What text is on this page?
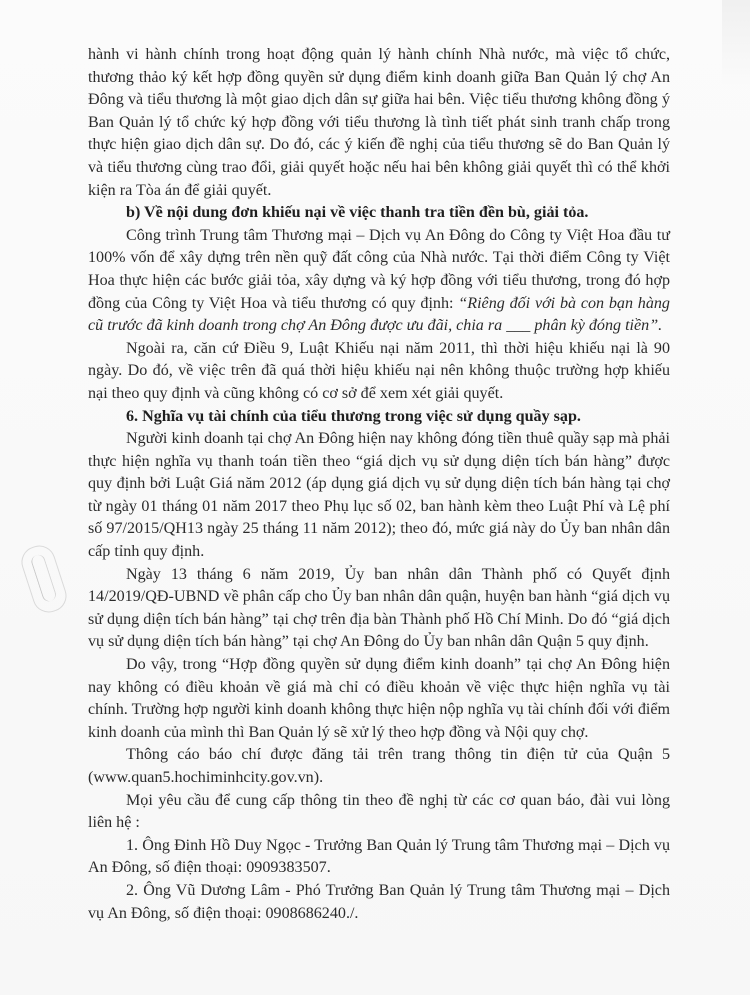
hành vi hành chính trong hoạt động quản lý hành chính Nhà nước, mà việc tổ chức, thương thảo ký kết hợp đồng quyền sử dụng điểm kinh doanh giữa Ban Quản lý chợ An Đông và tiểu thương là một giao dịch dân sự giữa hai bên. Việc tiểu thương không đồng ý Ban Quản lý tổ chức ký hợp đồng với tiểu thương là tình tiết phát sinh tranh chấp trong thực hiện giao dịch dân sự. Do đó, các ý kiến đề nghị của tiểu thương sẽ do Ban Quản lý và tiểu thương cùng trao đổi, giải quyết hoặc nếu hai bên không giải quyết thì có thể khởi kiện ra Tòa án để giải quyết.

b) Về nội dung đơn khiếu nại về việc thanh tra tiền đền bù, giải tỏa.

Công trình Trung tâm Thương mại – Dịch vụ An Đông do Công ty Việt Hoa đầu tư 100% vốn để xây dựng trên nền quỹ đất công của Nhà nước. Tại thời điểm Công ty Việt Hoa thực hiện các bước giải tỏa, xây dựng và ký hợp đồng với tiểu thương, trong đó hợp đồng của Công ty Việt Hoa và tiểu thương có quy định: “Riêng đối với bà con bạn hàng cũ trước đã kinh doanh trong chợ An Đông được ưu đãi, chia ra ___ phân kỳ đóng tiền”.

Ngoài ra, căn cứ Điều 9, Luật Khiếu nại năm 2011, thì thời hiệu khiếu nại là 90 ngày. Do đó, về việc trên đã quá thời hiệu khiếu nại nên không thuộc trường hợp khiếu nại theo quy định và cũng không có cơ sở để xem xét giải quyết.

6. Nghĩa vụ tài chính của tiểu thương trong việc sử dụng quầy sạp.

Người kinh doanh tại chợ An Đông hiện nay không đóng tiền thuê quầy sạp mà phải thực hiện nghĩa vụ thanh toán tiền theo “giá dịch vụ sử dụng diện tích bán hàng” được quy định bởi Luật Giá năm 2012 (áp dụng giá dịch vụ sử dụng diện tích bán hàng tại chợ từ ngày 01 tháng 01 năm 2017 theo Phụ lục số 02, ban hành kèm theo Luật Phí và Lệ phí số 97/2015/QH13 ngày 25 tháng 11 năm 2012); theo đó, mức giá này do Ủy ban nhân dân cấp tỉnh quy định.

Ngày 13 tháng 6 năm 2019, Ủy ban nhân dân Thành phố có Quyết định 14/2019/QĐ-UBND về phân cấp cho Ủy ban nhân dân quận, huyện ban hành “giá dịch vụ sử dụng diện tích bán hàng” tại chợ trên địa bàn Thành phố Hồ Chí Minh. Do đó “giá dịch vụ sử dụng diện tích bán hàng” tại chợ An Đông do Ủy ban nhân dân Quận 5 quy định.

Do vậy, trong “Hợp đồng quyền sử dụng điểm kinh doanh” tại chợ An Đông hiện nay không có điều khoản về giá mà chỉ có điều khoản về việc thực hiện nghĩa vụ tài chính. Trường hợp người kinh doanh không thực hiện nộp nghĩa vụ tài chính đối với điểm kinh doanh của mình thì Ban Quản lý sẽ xử lý theo hợp đồng và Nội quy chợ.

Thông cáo báo chí được đăng tải trên trang thông tin điện tử của Quận 5 (www.quan5.hochiminhcity.gov.vn).

Mọi yêu cầu để cung cấp thông tin theo đề nghị từ các cơ quan báo, đài vui lòng liên hệ :

1. Ông Đinh Hồ Duy Ngọc - Trưởng Ban Quản lý Trung tâm Thương mại – Dịch vụ An Đông, số điện thoại: 0909383507.

2. Ông Vũ Dương Lâm - Phó Trưởng Ban Quản lý Trung tâm Thương mại – Dịch vụ An Đông, số điện thoại: 0908686240./.
